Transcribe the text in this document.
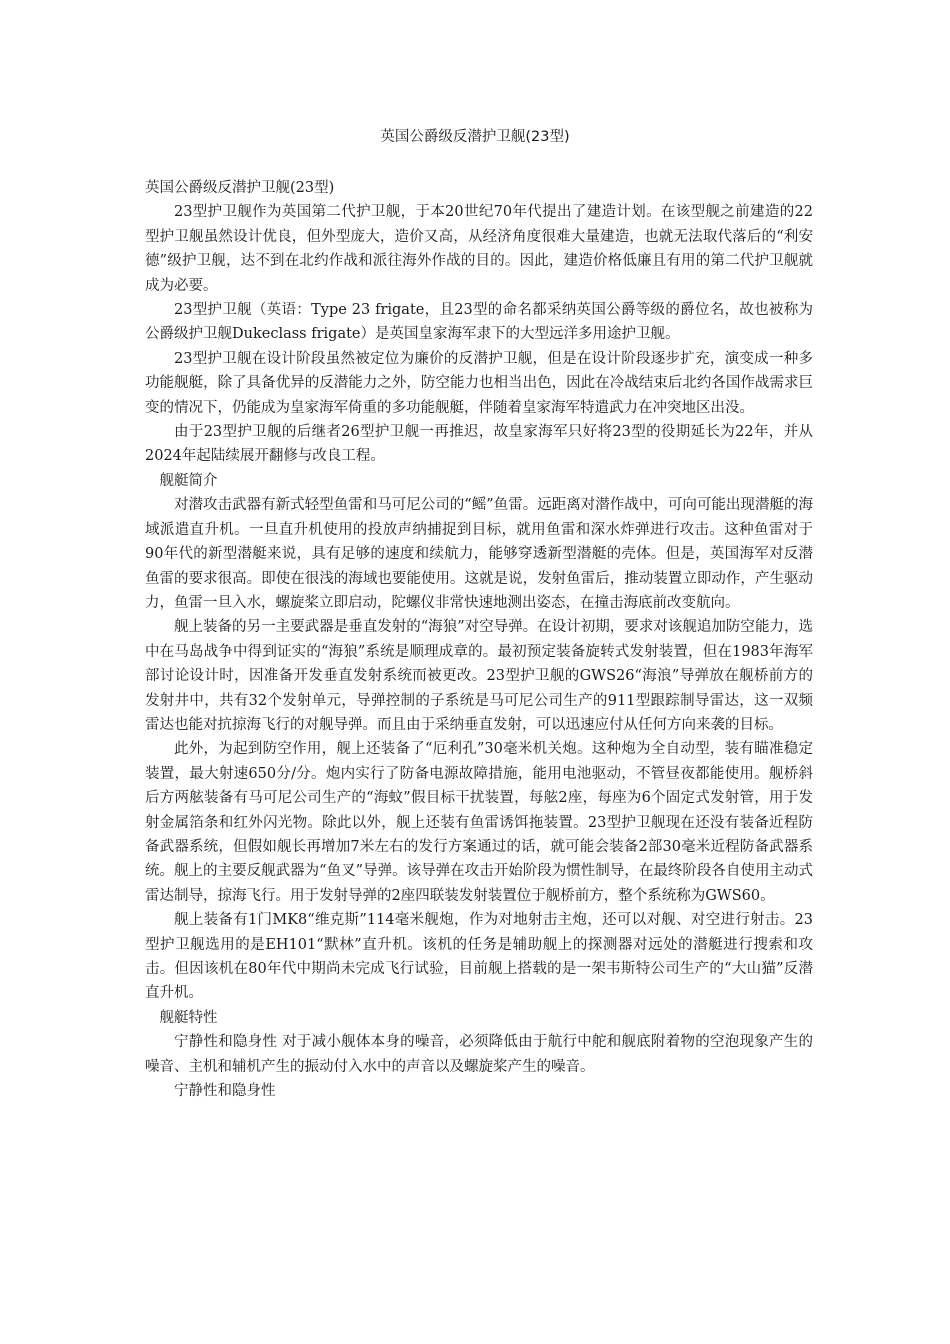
英国公爵级反潜护卫舰(23型)

英国公爵级反潜护卫舰(23型)

23型护卫舰作为英国第二代护卫舰，于本20世纪70年代提出了建造计划。在该型舰之前建造的22型护卫舰虽然设计优良，但外型庞大，造价又高，从经济角度很难大量建造，也就无法取代落后的“利安德”级护卫舰，达不到在北约作战和派往海外作战的目的。因此，建造价格低廉且有用的第二代护卫舰就成为必要。

23型护卫舰（英语：Type 23 frigate，且23型的命名都采纳英国公爵等级的爵位名，故也被称为公爵级护卫舰Dukeclass frigate）是英国皇家海军隶下的大型远洋多用途护卫舰。

23型护卫舰在设计阶段虽然被定位为廉价的反潜护卫舰，但是在设计阶段逐步扩充，演变成一种多功能舰艇，除了具备优异的反潜能力之外，防空能力也相当出色，因此在冷战结束后北约各国作战需求巨变的情况下，仍能成为皇家海军倚重的多功能舰艇，伴随着皇家海军特遣武力在冲突地区出没。

由于23型护卫舰的后继者26型护卫舰一再推迟，故皇家海军只好将23型的役期延长为22年，并从2024年起陆续展开翻修与改良工程。

舰艇简介

对潜攻击武器有新式轻型鱼雷和马可尼公司的“鳐”鱼雷。远距离对潜作战中，可向可能出现潜艇的海域派遣直升机。一旦直升机使用的投放声纳捕捉到目标，就用鱼雷和深水炸弹进行攻击。这种鱼雷对于90年代的新型潜艇来说，具有足够的速度和续航力，能够穿透新型潜艇的壳体。但是，英国海军对反潜鱼雷的要求很高。即使在很浅的海域也要能使用。这就是说，发射鱼雷后，推动装置立即动作，产生驱动力，鱼雷一旦入水，螺旋桨立即启动，陀螺仪非常快速地测出姿态，在撞击海底前改变航向。

舰上装备的另一主要武器是垂直发射的“海狼”对空导弹。在设计初期，要求对该舰追加防空能力，选中在马岛战争中得到证实的“海狼”系统是顺理成章的。最初预定装备旋转式发射装置，但在1983年海军部讨论设计时，因准备开发垂直发射系统而被更改。23型护卫舰的GWS26“海浪”导弹放在舰桥前方的发射井中，共有32个发射单元，导弹控制的子系统是马可尼公司生产的911型跟踪制导雷达，这一双频雷达也能对抗掠海飞行的对舰导弹。而且由于采纳垂直发射，可以迅速应付从任何方向来袭的目标。

此外，为起到防空作用，舰上还装备了“厄利孔”30毫米机关炮。这种炮为全自动型，装有瞄准稳定装置，最大射速650分/分。炮内实行了防备电源故障措施，能用电池驱动，不管昼夜都能使用。舰桥斜后方两舷装备有马可尼公司生产的“海蚊”假目标干扰装置，每舷2座，每座为6个固定式发射管，用于发射金属箔条和红外闪光物。除此以外，舰上还装有鱼雷诱饵拖装置。23型护卫舰现在还没有装备近程防备武器系统，但假如舰长再增加7米左右的发行方案通过的话，就可能会装备2部30毫米近程防备武器系统。舰上的主要反舰武器为“鱼叉”导弹。该导弹在攻击开始阶段为惯性制导，在最终阶段各自使用主动式雷达制导，掠海飞行。用于发射导弹的2座四联装发射装置位于舰桥前方，整个系统称为GWS60。

舰上装备有1门MK8“维克斯”114毫米舰炮，作为对地射击主炮，还可以对舰、对空进行射击。23型护卫舰选用的是EH101“默林”直升机。该机的任务是辅助舰上的探测器对远处的潜艇进行搜索和攻击。但因该机在80年代中期尚未完成飞行试验，目前舰上搭载的是一架韦斯特公司生产的“大山猫”反潜直升机。

舰艇特性

宁静性和隐身性 对于减小舰体本身的噪音，必须降低由于航行中舵和舰底附着物的空泡现象产生的噪音、主机和辅机产生的振动付入水中的声音以及螺旋桨产生的噪音。

宁静性和隐身性
